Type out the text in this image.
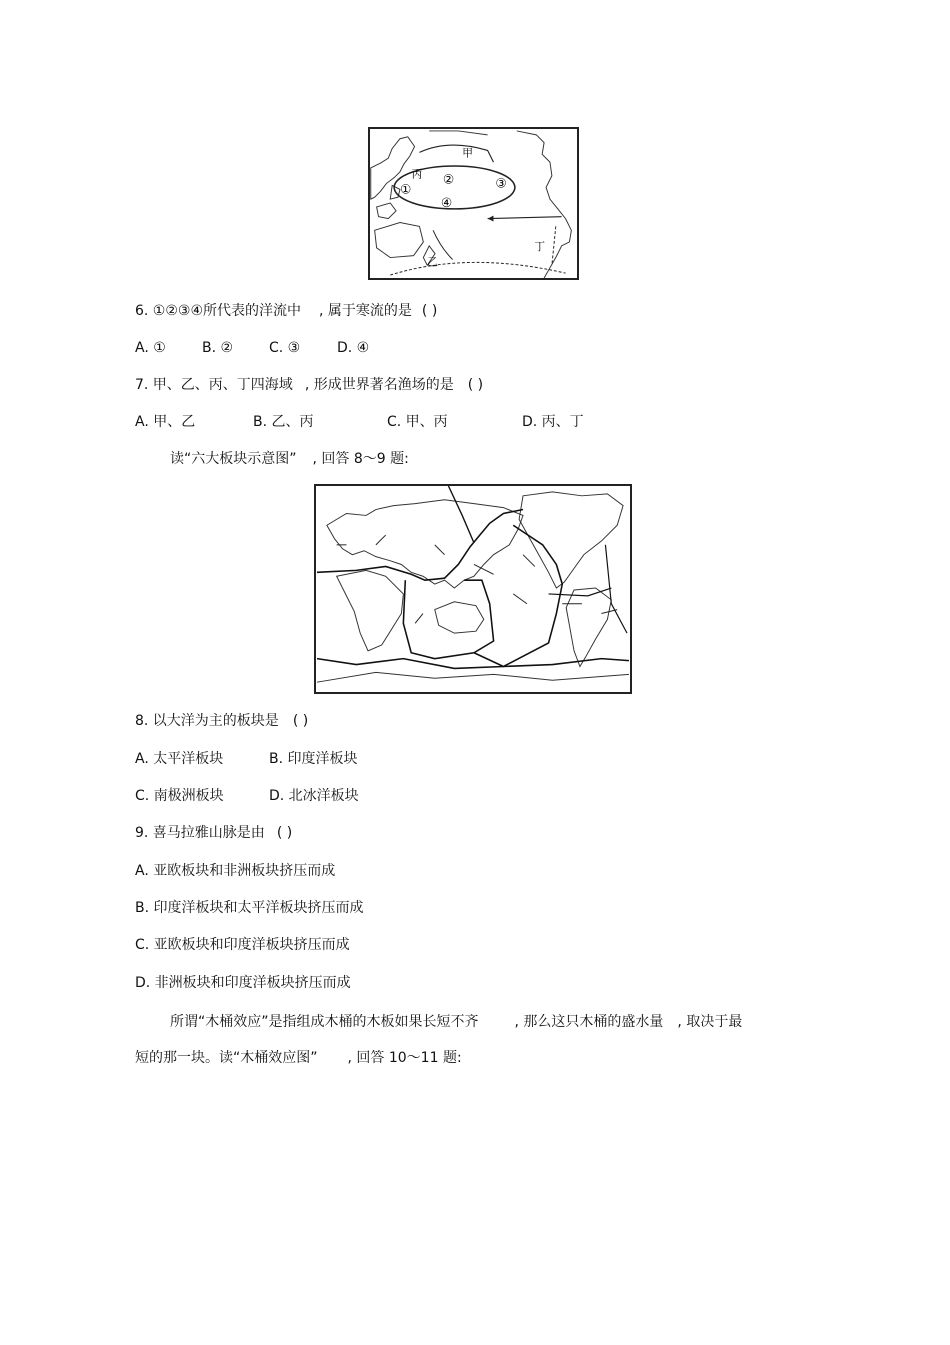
甲
乙
丙
丁
①
②	③
④
6. ①②③④所代表的洋流中 , 属于寒流的是 ( )
A. ①	B. ②	C. ③	D. ④
7. 甲、乙、丙、丁四海域 , 形成世界著名渔场的是 ( )
A. 甲、乙	B. 乙、丙	C. 甲、丙	D. 丙、丁
读“六大板块示意图” , 回答 8～9 题:
8. 以大洋为主的板块是 ( )
A. 太平洋板块	B. 印度洋板块
C. 南极洲板块	D. 北冰洋板块
9. 喜马拉雅山脉是由 ( )
A. 亚欧板块和非洲板块挤压而成
B. 印度洋板块和太平洋板块挤压而成
C. 亚欧板块和印度洋板块挤压而成
D. 非洲板块和印度洋板块挤压而成
所谓“木桶效应”是指组成木桶的木板如果长短不齐	, 那么这只木桶的盛水量 , 取决于最
短的那一块。读“木桶效应图” , 回答 10～11 题:
